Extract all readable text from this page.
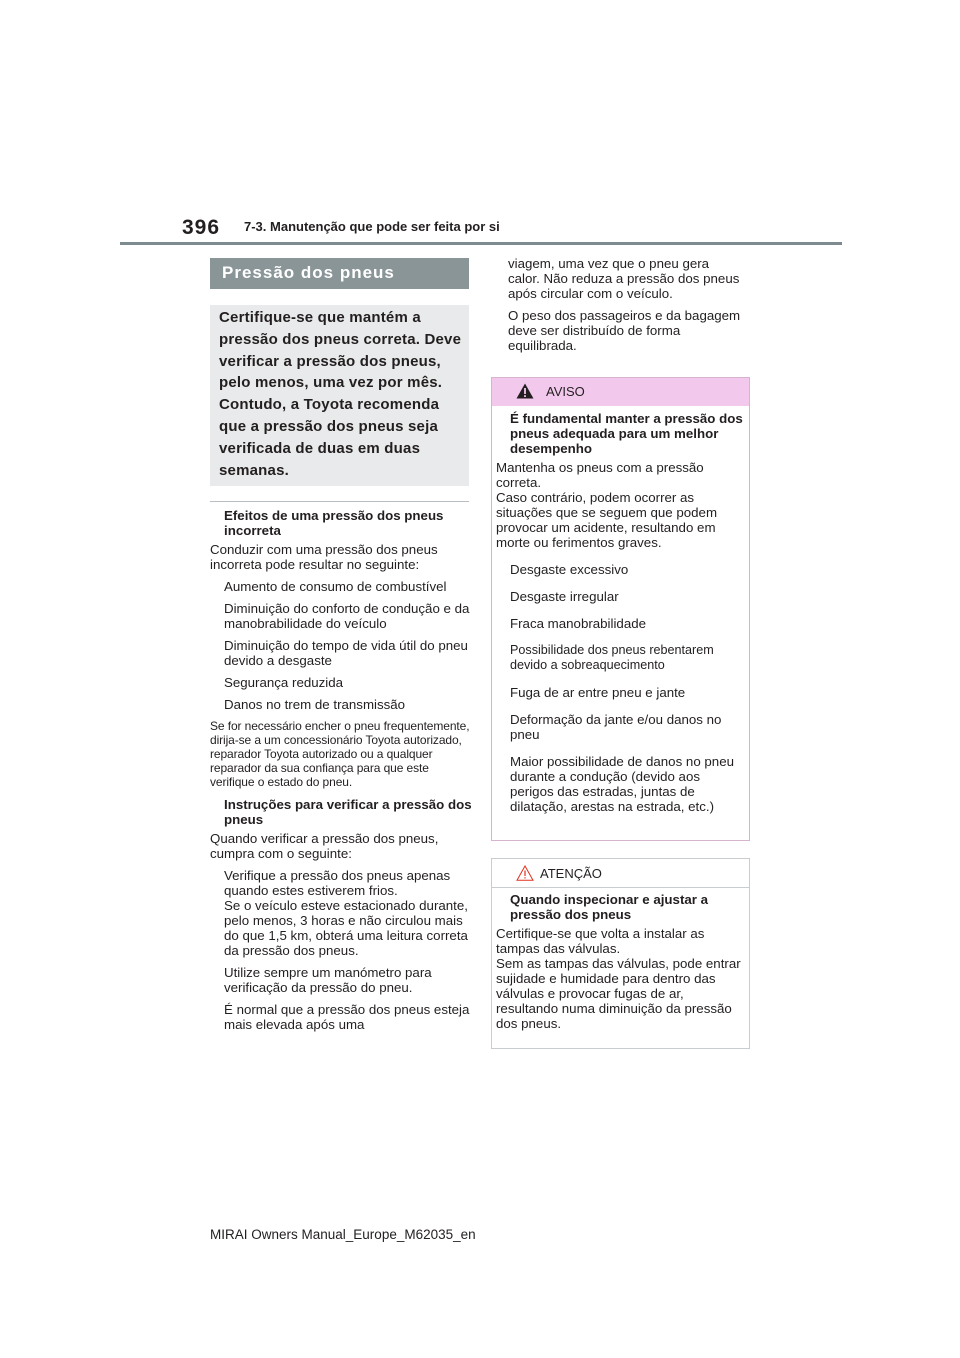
396 7-3. Manutenção que pode ser feita por si
Pressão dos pneus
Certifique-se que mantém a pressão dos pneus correta. Deve verificar a pressão dos pneus, pelo menos, uma vez por mês. Contudo, a Toyota recomenda que a pressão dos pneus seja verificada de duas em duas semanas.

Efeitos de uma pressão dos pneus incorreta

Conduzir com uma pressão dos pneus incorreta pode resultar no seguinte:

Aumento de consumo de combustível

Diminuição do conforto de condução e da manobrabilidade do veículo

Diminuição do tempo de vida útil do pneu devido a desgaste

Segurança reduzida

Danos no trem de transmissão

Se for necessário encher o pneu frequentemente, dirija-se a um concessionário Toyota autorizado, reparador Toyota autorizado ou a qualquer reparador da sua confiança para que este verifique o estado do pneu.

Instruções para verificar a pressão dos pneus

Quando verificar a pressão dos pneus, cumpra com o seguinte:

Verifique a pressão dos pneus apenas quando estes estiverem frios.
Se o veículo esteve estacionado durante, pelo menos, 3 horas e não circulou mais do que 1,5 km, obterá uma leitura correta da pressão dos pneus.

Utilize sempre um manómetro para verificação da pressão do pneu.

É normal que a pressão dos pneus esteja mais elevada após uma

viagem, uma vez que o pneu gera calor. Não reduza a pressão dos pneus após circular com o veículo.

O peso dos passageiros e da bagagem deve ser distribuído de forma equilibrada.

AVISO

É fundamental manter a pressão dos pneus adequada para um melhor desempenho

Mantenha os pneus com a pressão correta.
Caso contrário, podem ocorrer as situações que se seguem que podem provocar um acidente, resultando em morte ou ferimentos graves.

Desgaste excessivo

Desgaste irregular

Fraca manobrabilidade

Possibilidade dos pneus rebentarem devido a sobreaquecimento

Fuga de ar entre pneu e jante

Deformação da jante e/ou danos no pneu

Maior possibilidade de danos no pneu durante a condução (devido aos perigos das estradas, juntas de dilatação, arestas na estrada, etc.)

ATENÇÃO

Quando inspecionar e ajustar a pressão dos pneus

Certifique-se que volta a instalar as tampas das válvulas.
Sem as tampas das válvulas, pode entrar sujidade e humidade para dentro das válvulas e provocar fugas de ar, resultando numa diminuição da pressão dos pneus.

MIRAI Owners Manual_Europe_M62035_en
